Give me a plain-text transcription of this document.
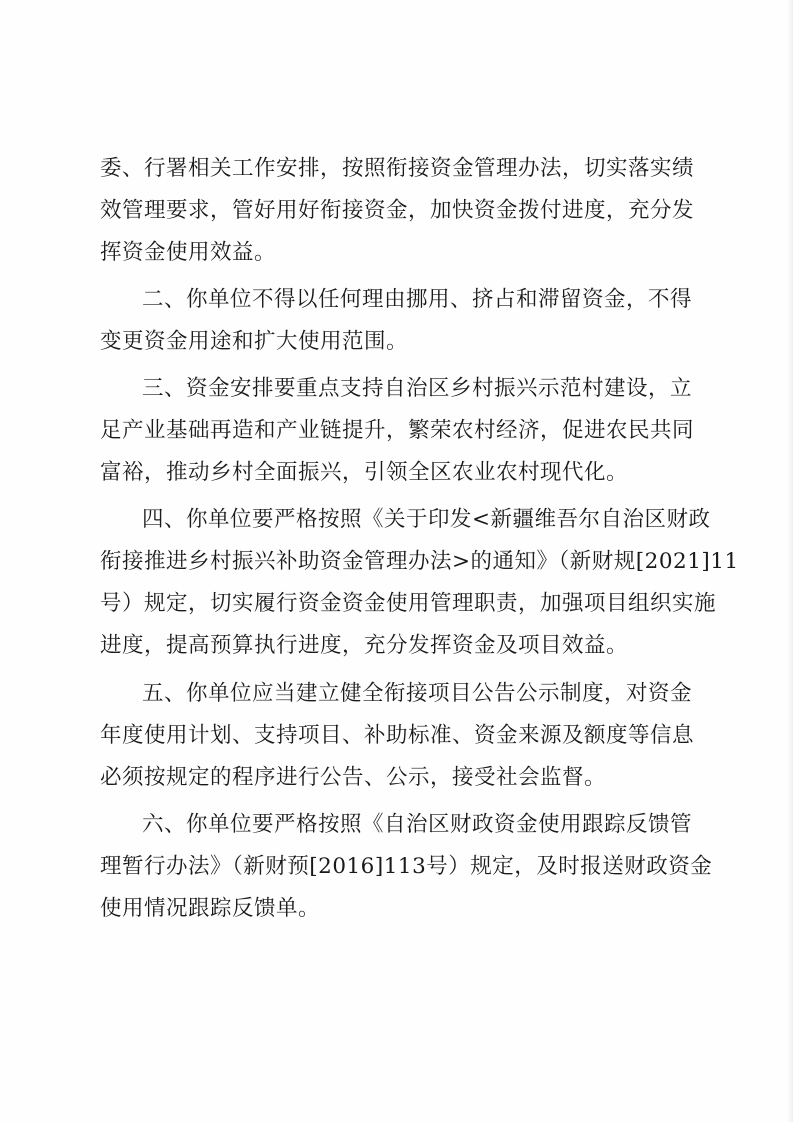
委、行署相关工作安排，按照衔接资金管理办法，切实落实绩
效管理要求，管好用好衔接资金，加快资金拨付进度，充分发
挥资金使用效益。
二、你单位不得以任何理由挪用、挤占和滞留资金，不得
变更资金用途和扩大使用范围。
三、资金安排要重点支持自治区乡村振兴示范村建设，立
足产业基础再造和产业链提升，繁荣农村经济，促进农民共同
富裕，推动乡村全面振兴，引领全区农业农村现代化。
四、你单位要严格按照《关于印发<新疆维吾尔自治区财政
衔接推进乡村振兴补助资金管理办法>的通知》（新财规[2021]11
号）规定，切实履行资金资金使用管理职责，加强项目组织实施
进度，提高预算执行进度，充分发挥资金及项目效益。
五、你单位应当建立健全衔接项目公告公示制度，对资金
年度使用计划、支持项目、补助标准、资金来源及额度等信息
必须按规定的程序进行公告、公示，接受社会监督。
六、你单位要严格按照《自治区财政资金使用跟踪反馈管
理暂行办法》（新财预[2016]113号）规定，及时报送财政资金
使用情况跟踪反馈单。
